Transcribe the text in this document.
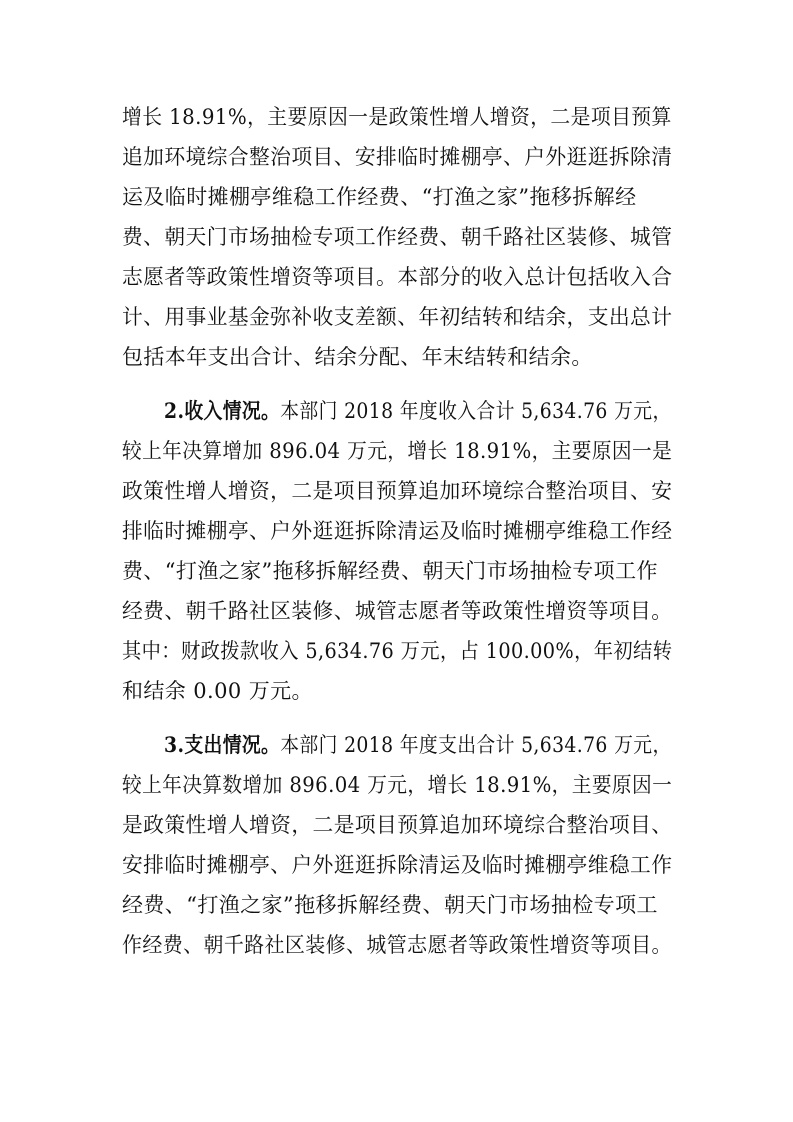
增长 18.91%，主要原因一是政策性增人增资，二是项目预算
追加环境综合整治项目、安排临时摊棚亭、户外逛逛拆除清
运及临时摊棚亭维稳工作经费、“打渔之家”拖移拆解经
费、朝天门市场抽检专项工作经费、朝千路社区装修、城管
志愿者等政策性增资等项目。本部分的收入总计包括收入合
计、用事业基金弥补收支差额、年初结转和结余，支出总计
包括本年支出合计、结余分配、年末结转和结余。
2.收入情况。本部门 2018 年度收入合计 5,634.76 万元，
较上年决算增加 896.04 万元，增长 18.91%，主要原因一是
政策性增人增资，二是项目预算追加环境综合整治项目、安
排临时摊棚亭、户外逛逛拆除清运及临时摊棚亭维稳工作经
费、“打渔之家”拖移拆解经费、朝天门市场抽检专项工作
经费、朝千路社区装修、城管志愿者等政策性增资等项目。
其中：财政拨款收入 5,634.76 万元，占 100.00%，年初结转
和结余 0.00 万元。
3.支出情况。本部门 2018 年度支出合计 5,634.76 万元，
较上年决算数增加 896.04 万元，增长 18.91%，主要原因一
是政策性增人增资，二是项目预算追加环境综合整治项目、
安排临时摊棚亭、户外逛逛拆除清运及临时摊棚亭维稳工作
经费、“打渔之家”拖移拆解经费、朝天门市场抽检专项工
作经费、朝千路社区装修、城管志愿者等政策性增资等项目。
